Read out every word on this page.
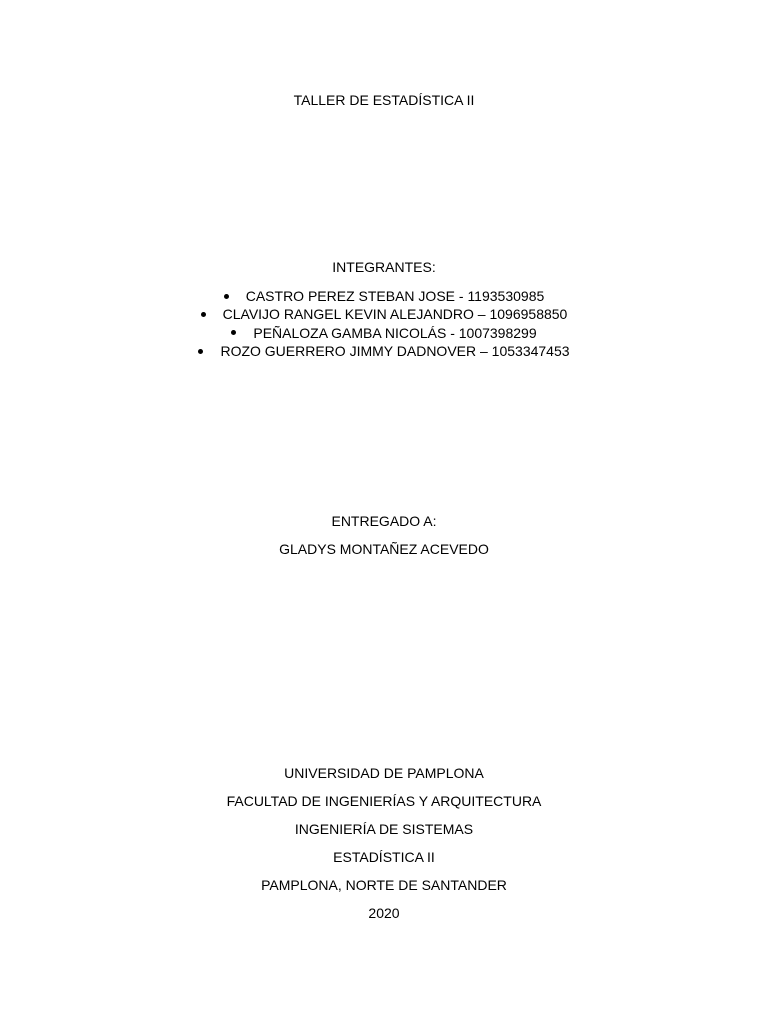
TALLER DE ESTADÍSTICA II
INTEGRANTES:
CASTRO PEREZ STEBAN JOSE - 1193530985
CLAVIJO RANGEL KEVIN ALEJANDRO – 1096958850
PEÑALOZA GAMBA NICOLÁS - 1007398299
ROZO GUERRERO JIMMY DADNOVER – 1053347453
ENTREGADO A:
GLADYS MONTAÑEZ ACEVEDO
UNIVERSIDAD DE PAMPLONA
FACULTAD DE INGENIERÍAS Y ARQUITECTURA
INGENIERÍA DE SISTEMAS
ESTADÍSTICA II
PAMPLONA, NORTE DE SANTANDER
2020
